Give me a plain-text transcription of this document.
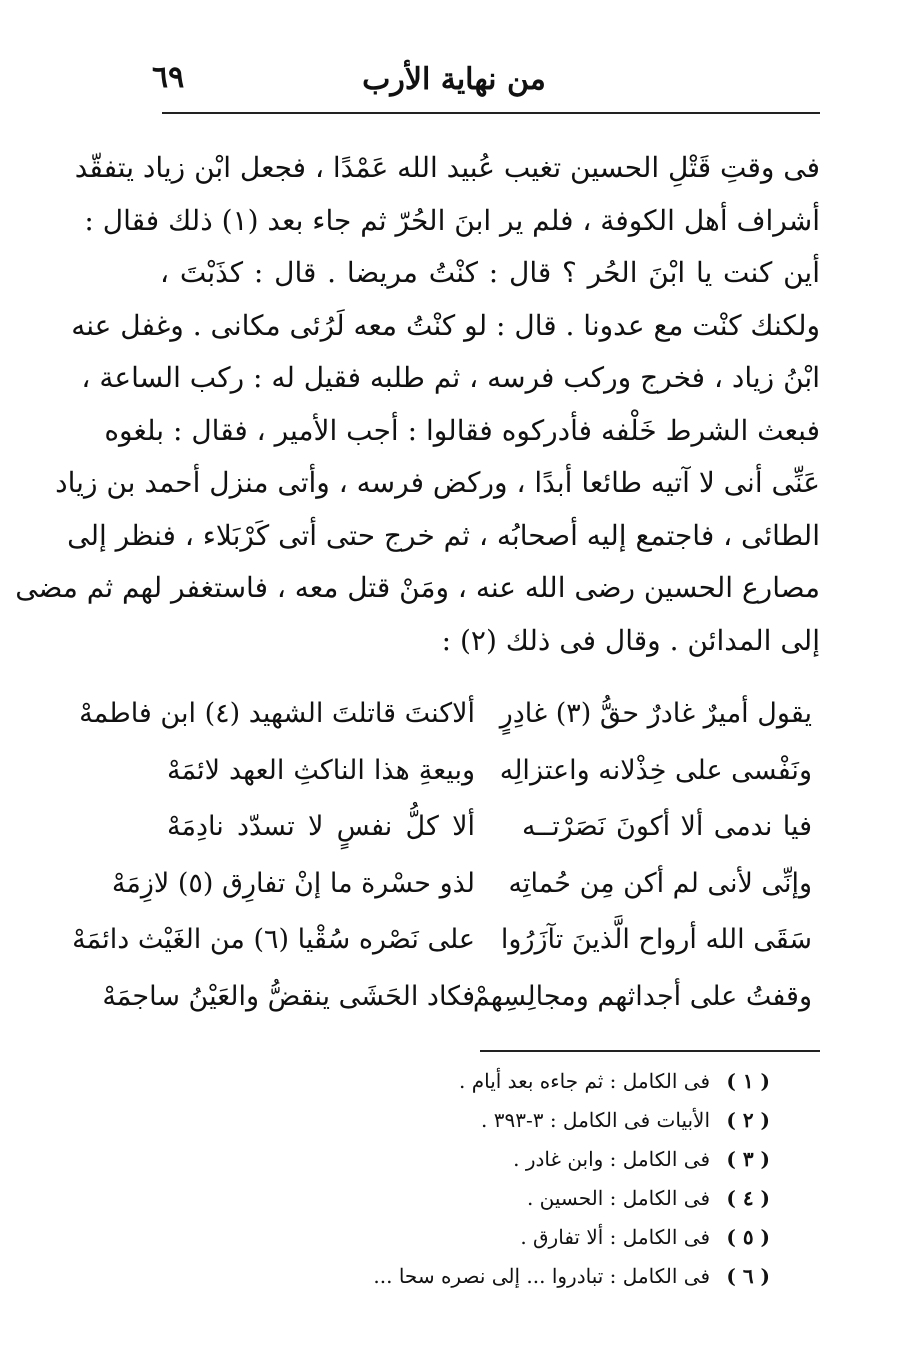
من نهاية الأرب
٦٩
فى وقتِ قَتْلِ الحسين تغيب عُبيد الله عَمْدًا ، فجعل ابْن زياد يتفقّد
أشراف أهل الكوفة ، فلم ير ابنَ الحُرّ ثم جاء بعد (١) ذلك فقال :
أين كنت يا ابْنَ الحُر ؟ قال : كنْتُ مريضا . قال : كذَبْتَ ،
ولكنك كنْت مع عدونا . قال : لو كنْتُ معه لَرُئى مكانى . وغفل عنه
ابْنُ زياد ، فخرج وركب فرسه ، ثم طلبه فقيل له : ركب الساعة ،
فبعث الشرط خَلْفه فأدركوه فقالوا : أجب الأمير ، فقال : بلغوه
عَنِّى أنى لا آتيه طائعا أبدًا ، وركض فرسه ، وأتى منزل أحمد بن زياد
الطائى ، فاجتمع إليه أصحابُه ، ثم خرج حتى أتى كَرْبَلاء ، فنظر إلى
مصارع الحسين رضى الله عنه ، ومَنْ قتل معه ، فاستغفر لهم ثم مضى
إلى المدائن . وقال فى ذلك (٢) :
يقول أميرٌ غادرٌ حقُّ (٣) غادِرٍ
ألاكنتَ قاتلتَ الشهيد (٤) ابن فاطمهْ
ونَفْسى على خِذْلانه واعتزالِه
وبيعةِ هذا الناكثِ العهد لائمَهْ
فيا ندمى ألا أكونَ نَصَرْتــه
ألا كلُّ نفسٍ لا تسدّد نادِمَهْ
وإنِّى لأنى لم أكن مِن حُماتِه
لذو حسْرة ما إنْ تفارِق (٥) لازِمَهْ
سَقَى الله أرواح الَّذينَ تآزَرُوا
على نَصْره سُقْيا (٦) من الغَيْث دائمَهْ
وقفتُ على أجداثهم ومجالِسِهمْ
فكاد الحَشَى ينقضُّ والعَيْنُ ساجمَهْ
( ١ ) فى الكامل : ثم جاءه بعد أيام .
( ٢ ) الأبيات فى الكامل : ٣-٣٩٣ .
( ٣ ) فى الكامل : وابن غادر .
( ٤ ) فى الكامل : الحسين .
( ٥ ) فى الكامل : ألا تفارق .
( ٦ ) فى الكامل : تبادروا ... إلى نصره سحا ...
